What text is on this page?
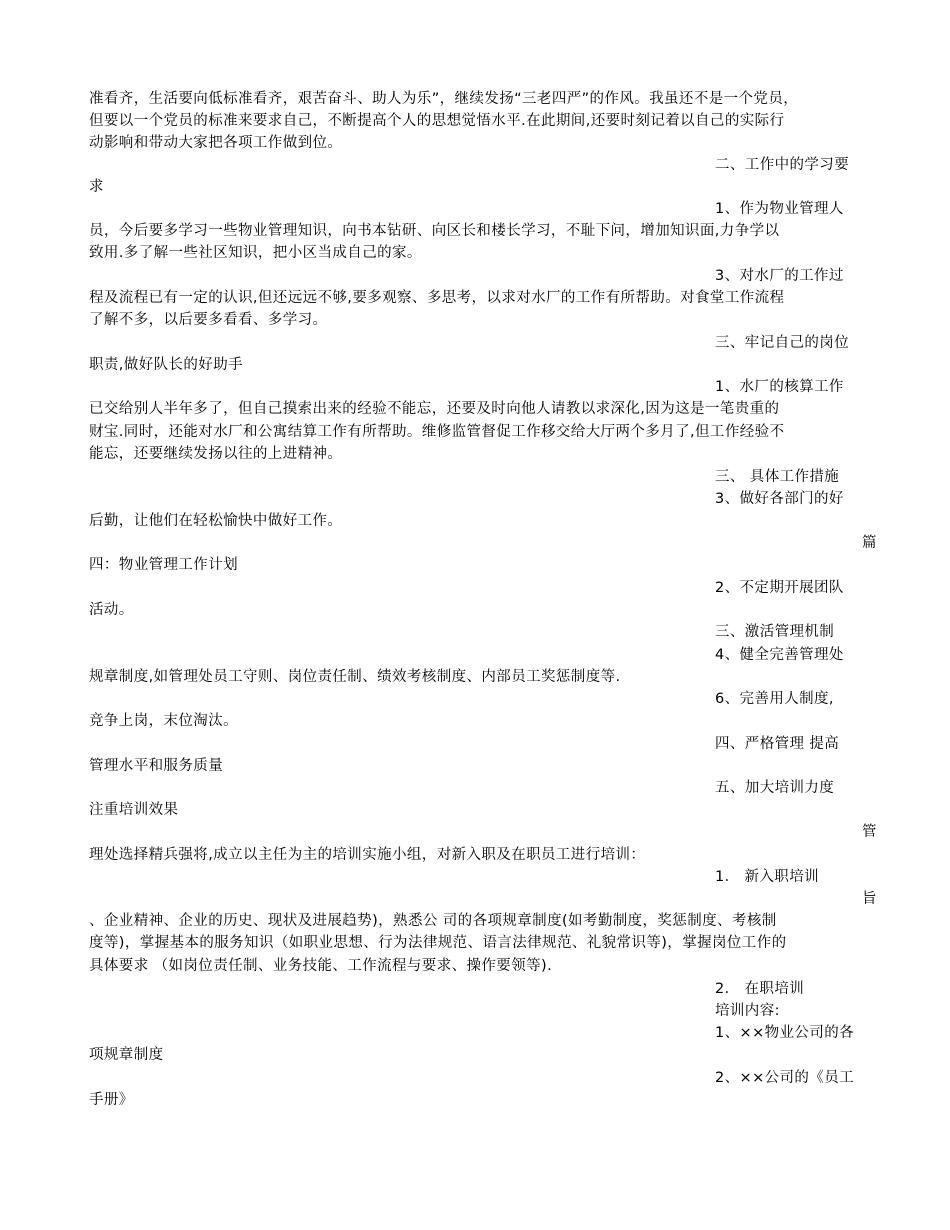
准看齐，生活要向低标准看齐，艰苦奋斗、助人为乐”，继续发扬“三老四严”的作风。我虽还不是一个党员，
但要以一个党员的标准来要求自己，不断提高个人的思想觉悟水平.在此期间,还要时刻记着以自己的实际行
动影响和带动大家把各项工作做到位。
二、工作中的学习要
求
1、作为物业管理人
员，今后要多学习一些物业管理知识，向书本钻研、向区长和楼长学习，不耻下问，增加知识面,力争学以
致用.多了解一些社区知识，把小区当成自己的家。
3、对水厂的工作过
程及流程已有一定的认识,但还远远不够,要多观察、多思考，以求对水厂的工作有所帮助。对食堂工作流程
了解不多，以后要多看看、多学习。
三、牢记自己的岗位
职责,做好队长的好助手
1、水厂的核算工作
已交给别人半年多了，但自己摸索出来的经验不能忘，还要及时向他人请教以求深化,因为这是一笔贵重的
财宝.同时，还能对水厂和公寓结算工作有所帮助。维修监管督促工作移交给大厅两个多月了,但工作经验不
能忘，还要继续发扬以往的上进精神。
三、 具体工作措施
3、做好各部门的好
后勤，让他们在轻松愉快中做好工作。
篇
四：物业管理工作计划
2、不定期开展团队
活动。
三、激活管理机制
4、健全完善管理处
规章制度,如管理处员工守则、岗位责任制、绩效考核制度、内部员工奖惩制度等.
6、完善用人制度,
竞争上岗，末位淘汰。
四、严格管理 提高
管理水平和服务质量
五、加大培训力度
注重培训效果
管
理处选择精兵强将,成立以主任为主的培训实施小组，对新入职及在职员工进行培训：
1． 新入职培训
旨
、企业精神、企业的历史、现状及进展趋势)，熟悉公 司的各项规章制度(如考勤制度，奖惩制度、考核制
度等)，掌握基本的服务知识（如职业思想、行为法律规范、语言法律规范、礼貌常识等)，掌握岗位工作的
具体要求 （如岗位责任制、业务技能、工作流程与要求、操作要领等).
2． 在职培训
培训内容:
1、××物业公司的各
项规章制度
2、××公司的《员工
手册》
